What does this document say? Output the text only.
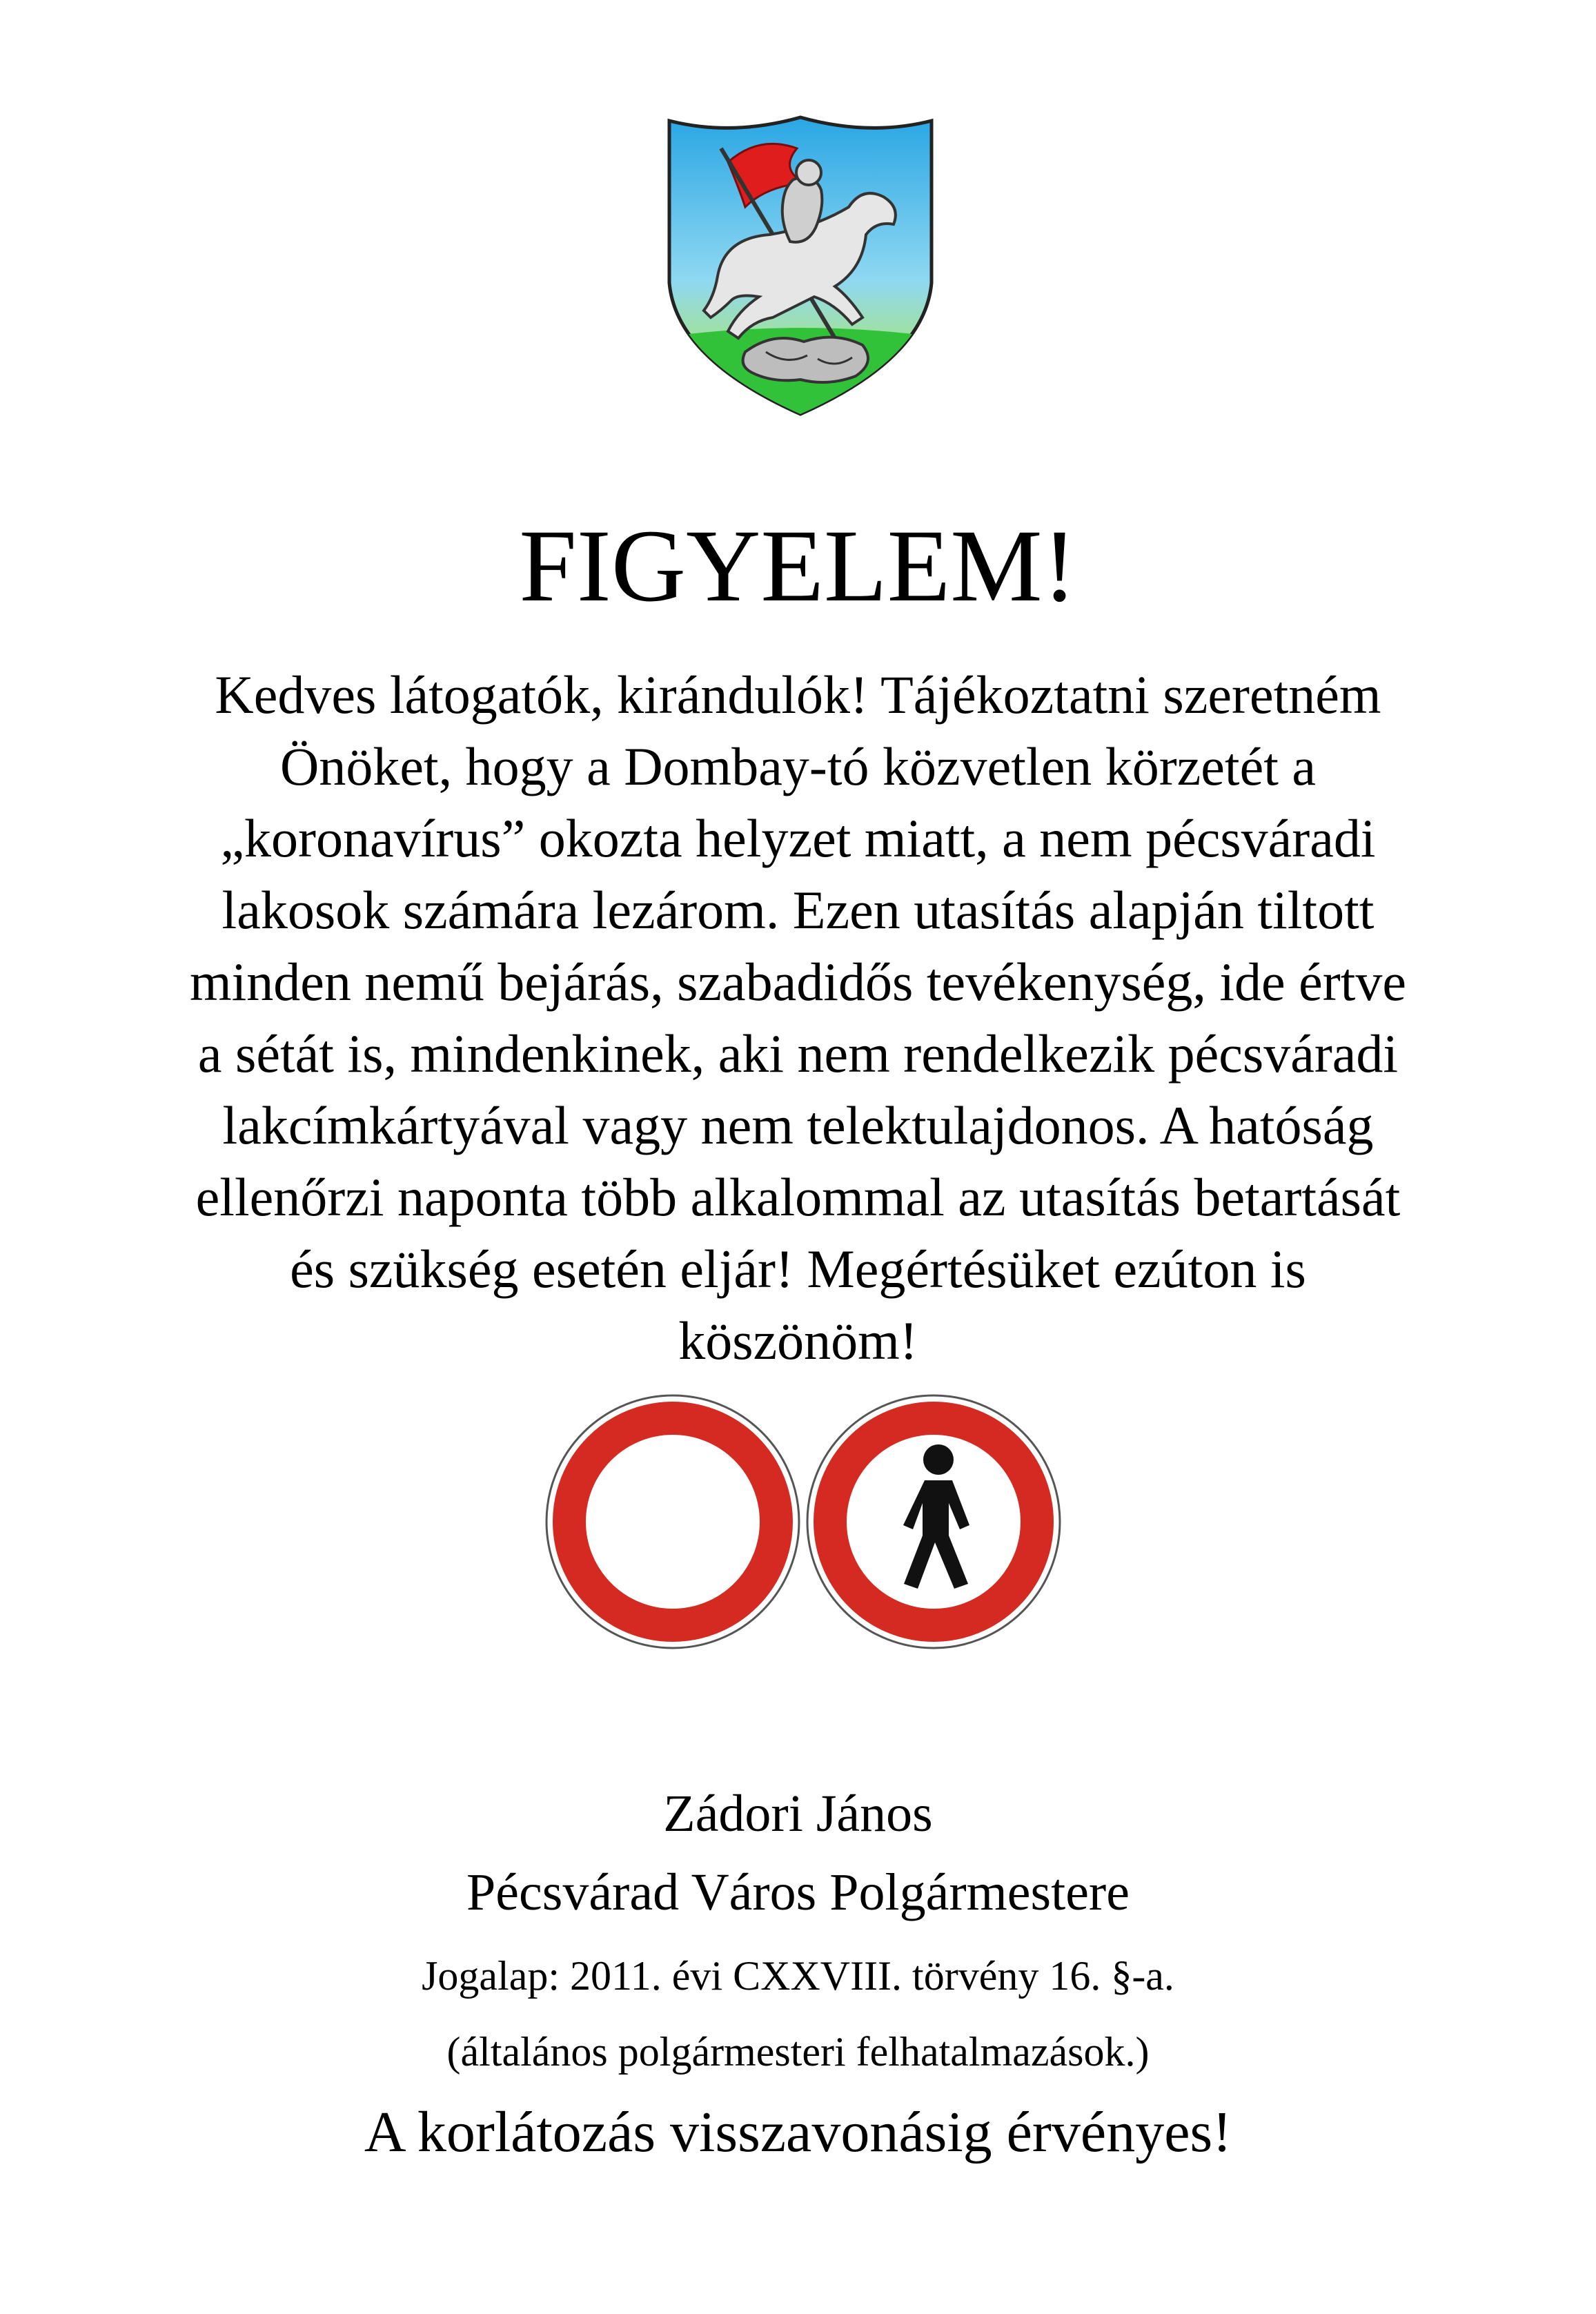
FIGYELEM!
Kedves látogatók, kirándulók! Tájékoztatni szeretném
Önöket, hogy a Dombay-tó közvetlen körzetét a
„koronavírus” okozta helyzet miatt, a nem pécsváradi
lakosok számára lezárom. Ezen utasítás alapján tiltott
minden nemű bejárás, szabadidős tevékenység, ide értve
a sétát is, mindenkinek, aki nem rendelkezik pécsváradi
lakcímkártyával vagy nem telektulajdonos. A hatóság
ellenőrzi naponta több alkalommal az utasítás betartását
és szükség esetén eljár! Megértésüket ezúton is
köszönöm!
Zádori János
Pécsvárad Város Polgármestere
Jogalap: 2011. évi CXXVIII. törvény 16. §-a.
(általános polgármesteri felhatalmazások.)
A korlátozás visszavonásig érvényes!
